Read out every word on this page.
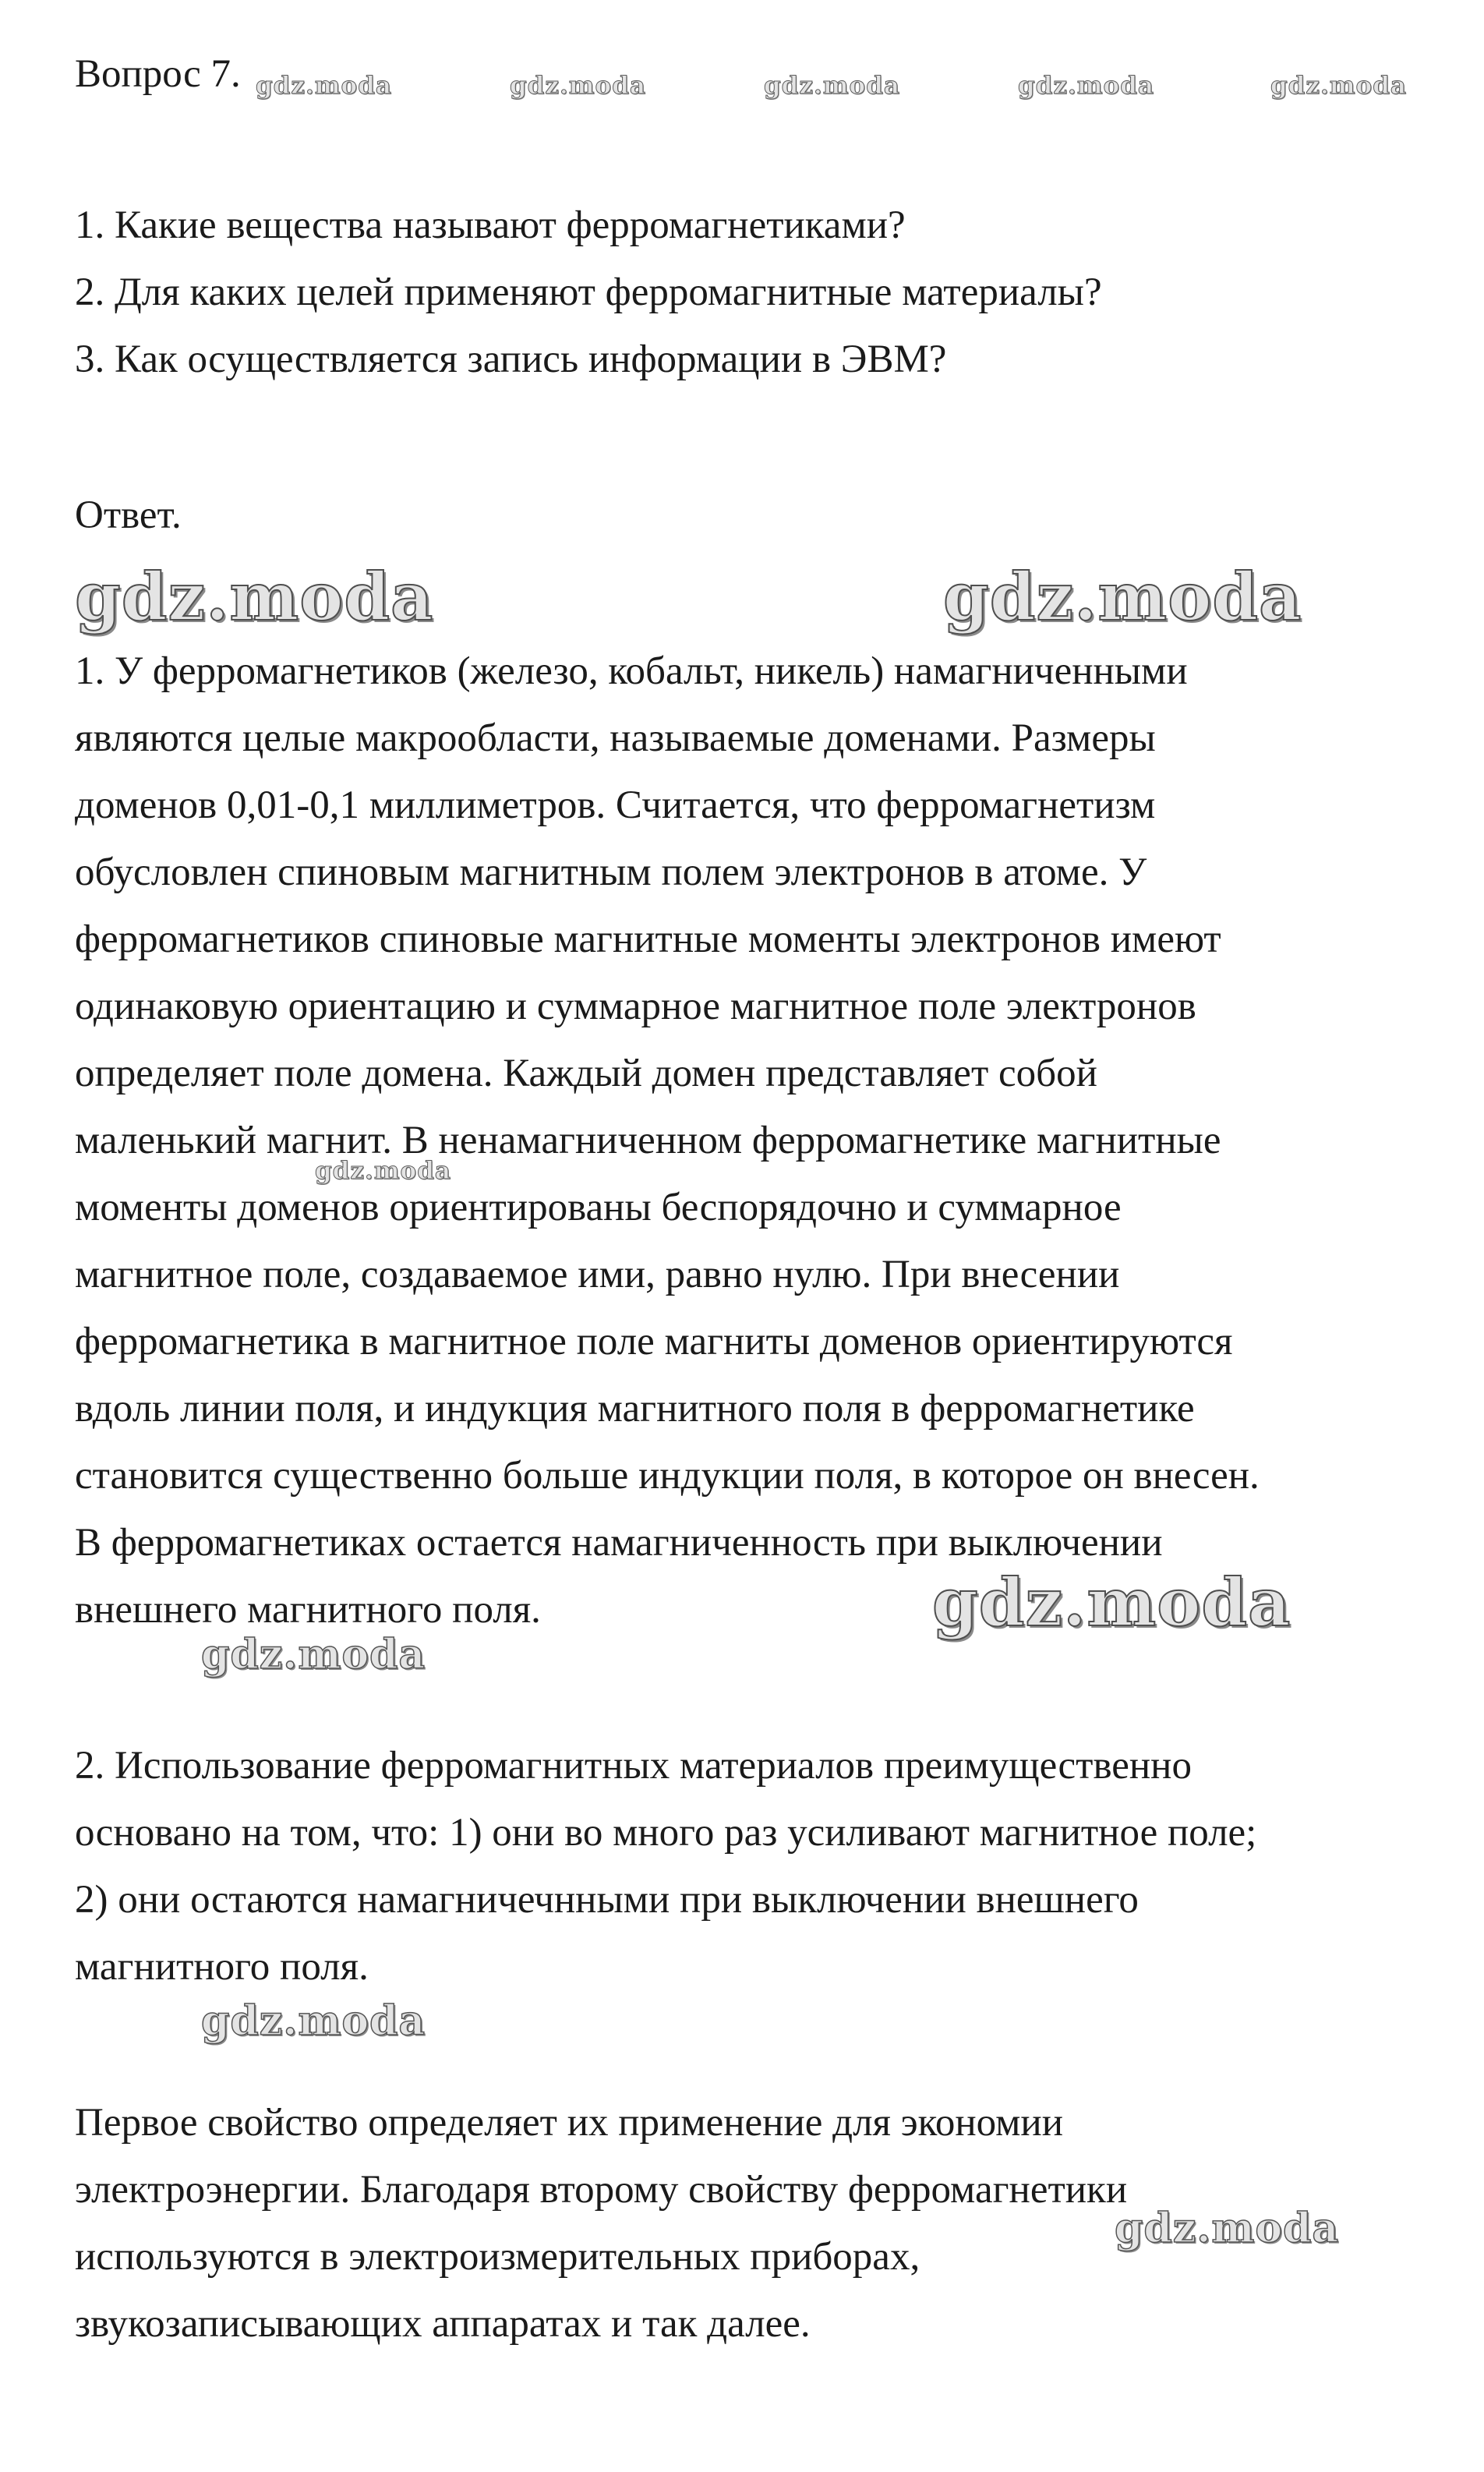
Вопрос 7.

1. Какие вещества называют ферромагнетиками?

2. Для каких целей применяют ферромагнитные материалы?

3. Как осуществляется запись информации в ЭВМ?

Ответ.

1. У ферромагнетиков (железо, кобальт, никель) намагниченными

являются целые макрообласти, называемые доменами. Размеры

доменов 0,01-0,1 миллиметров. Считается, что ферромагнетизм

обусловлен спиновым магнитным полем электронов в атоме. У

ферромагнетиков спиновые магнитные моменты электронов имеют

одинаковую ориентацию и суммарное магнитное поле электронов

определяет поле домена. Каждый домен представляет собой

маленький магнит. В ненамагниченном ферромагнетике магнитные

моменты доменов ориентированы беспорядочно и суммарное

магнитное поле, создаваемое ими, равно нулю. При внесении

ферромагнетика в магнитное поле магниты доменов ориентируются

вдоль линии поля, и индукция магнитного поля в ферромагнетике

становится существенно больше индукции поля, в которое он внесен.

В ферромагнетиках остается намагниченность при выключении

внешнего магнитного поля.

2. Использование ферромагнитных материалов преимущественно

основано на том, что: 1) они во много раз усиливают магнитное поле;

2) они остаются намагничечнными при выключении внешнего

магнитного поля.

Первое свойство определяет их применение для экономии

электроэнергии. Благодаря второму свойству ферромагнетики

используются в электроизмерительных приборах,

звукозаписывающих аппаратах и так далее.

gdz.moda	gdz.moda	gdz.moda	gdz.moda	gdz.moda
gdz.moda	gdz.moda
gdz.moda
gdz.moda
gdz.moda
gdz.moda
gdz.moda
